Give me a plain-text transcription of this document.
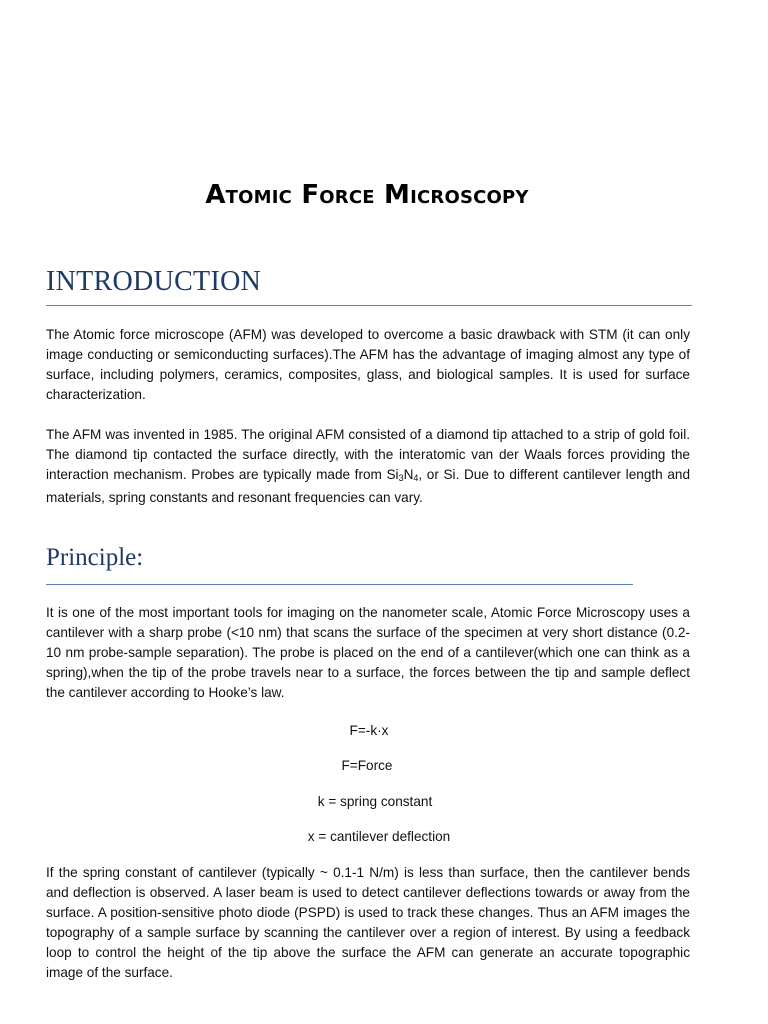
Atomic Force Microscopy
INTRODUCTION

The Atomic force microscope (AFM) was developed to overcome a basic drawback with STM (it can only image conducting or semiconducting surfaces).The AFM has the advantage of imaging almost any type of surface, including polymers, ceramics, composites, glass, and biological samples. It is used for surface characterization.

The AFM was invented in 1985. The original AFM consisted of a diamond tip attached to a strip of gold foil. The diamond tip contacted the surface directly, with the interatomic van der Waals forces providing the interaction mechanism. Probes are typically made from $Si_3N_4$, or Si. Due to different cantilever length and materials, spring constants and resonant frequencies can vary.

Principle:

It is one of the most important tools for imaging on the nanometer scale, Atomic Force Microscopy uses a cantilever with a sharp probe (<10 nm) that scans the surface of the specimen at very short distance (0.2-10 nm probe-sample separation). The probe is placed on the end of a cantilever(which one can think as a spring),when the tip of the probe travels near to a surface, the forces between the tip and sample deflect the cantilever according to Hooke’s law.

F=-k·x

F=Force

k = spring constant

x = cantilever deflection

If the spring constant of cantilever (typically ~ 0.1-1 N/m) is less than surface, then the cantilever bends and deflection is observed. A laser beam is used to detect cantilever deflections towards or away from the surface. A position-sensitive photo diode (PSPD) is used to track these changes. Thus an AFM images the topography of a sample surface by scanning the cantilever over a region of interest. By using a feedback loop to control the height of the tip above the surface the AFM can generate an accurate topographic image of the surface.
